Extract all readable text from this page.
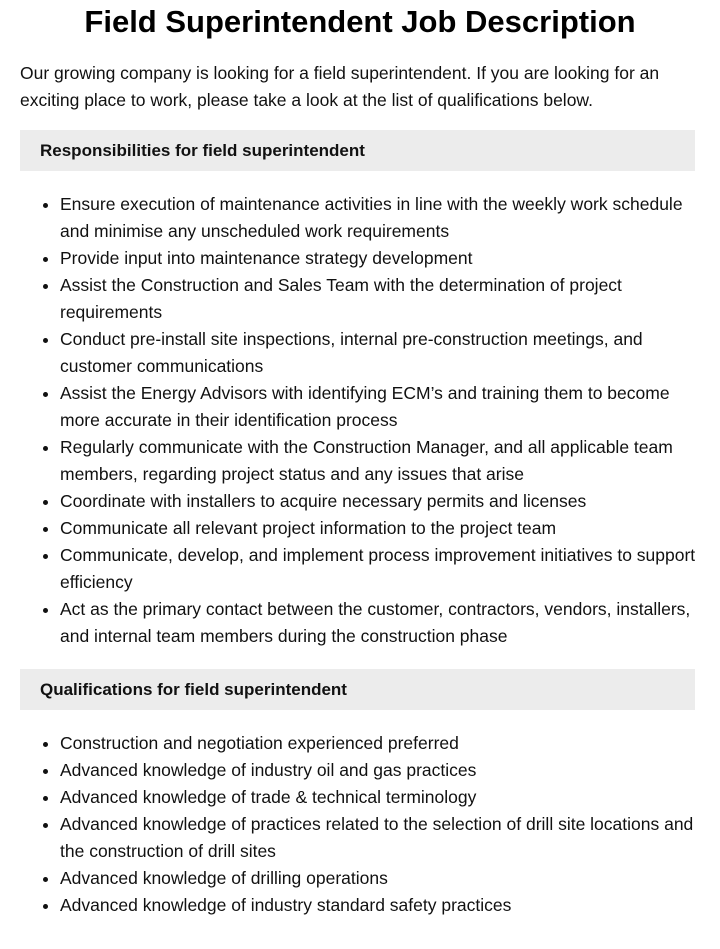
Field Superintendent Job Description

Our growing company is looking for a field superintendent. If you are looking for an exciting place to work, please take a look at the list of qualifications below.

Responsibilities for field superintendent
• Ensure execution of maintenance activities in line with the weekly work schedule and minimise any unscheduled work requirements
• Provide input into maintenance strategy development
• Assist the Construction and Sales Team with the determination of project requirements
• Conduct pre-install site inspections, internal pre-construction meetings, and customer communications
• Assist the Energy Advisors with identifying ECM’s and training them to become more accurate in their identification process
• Regularly communicate with the Construction Manager, and all applicable team members, regarding project status and any issues that arise
• Coordinate with installers to acquire necessary permits and licenses
• Communicate all relevant project information to the project team
• Communicate, develop, and implement process improvement initiatives to support efficiency
• Act as the primary contact between the customer, contractors, vendors, installers, and internal team members during the construction phase
Qualifications for field superintendent
• Construction and negotiation experienced preferred
• Advanced knowledge of industry oil and gas practices
• Advanced knowledge of trade & technical terminology
• Advanced knowledge of practices related to the selection of drill site locations and the construction of drill sites
• Advanced knowledge of drilling operations
• Advanced knowledge of industry standard safety practices
